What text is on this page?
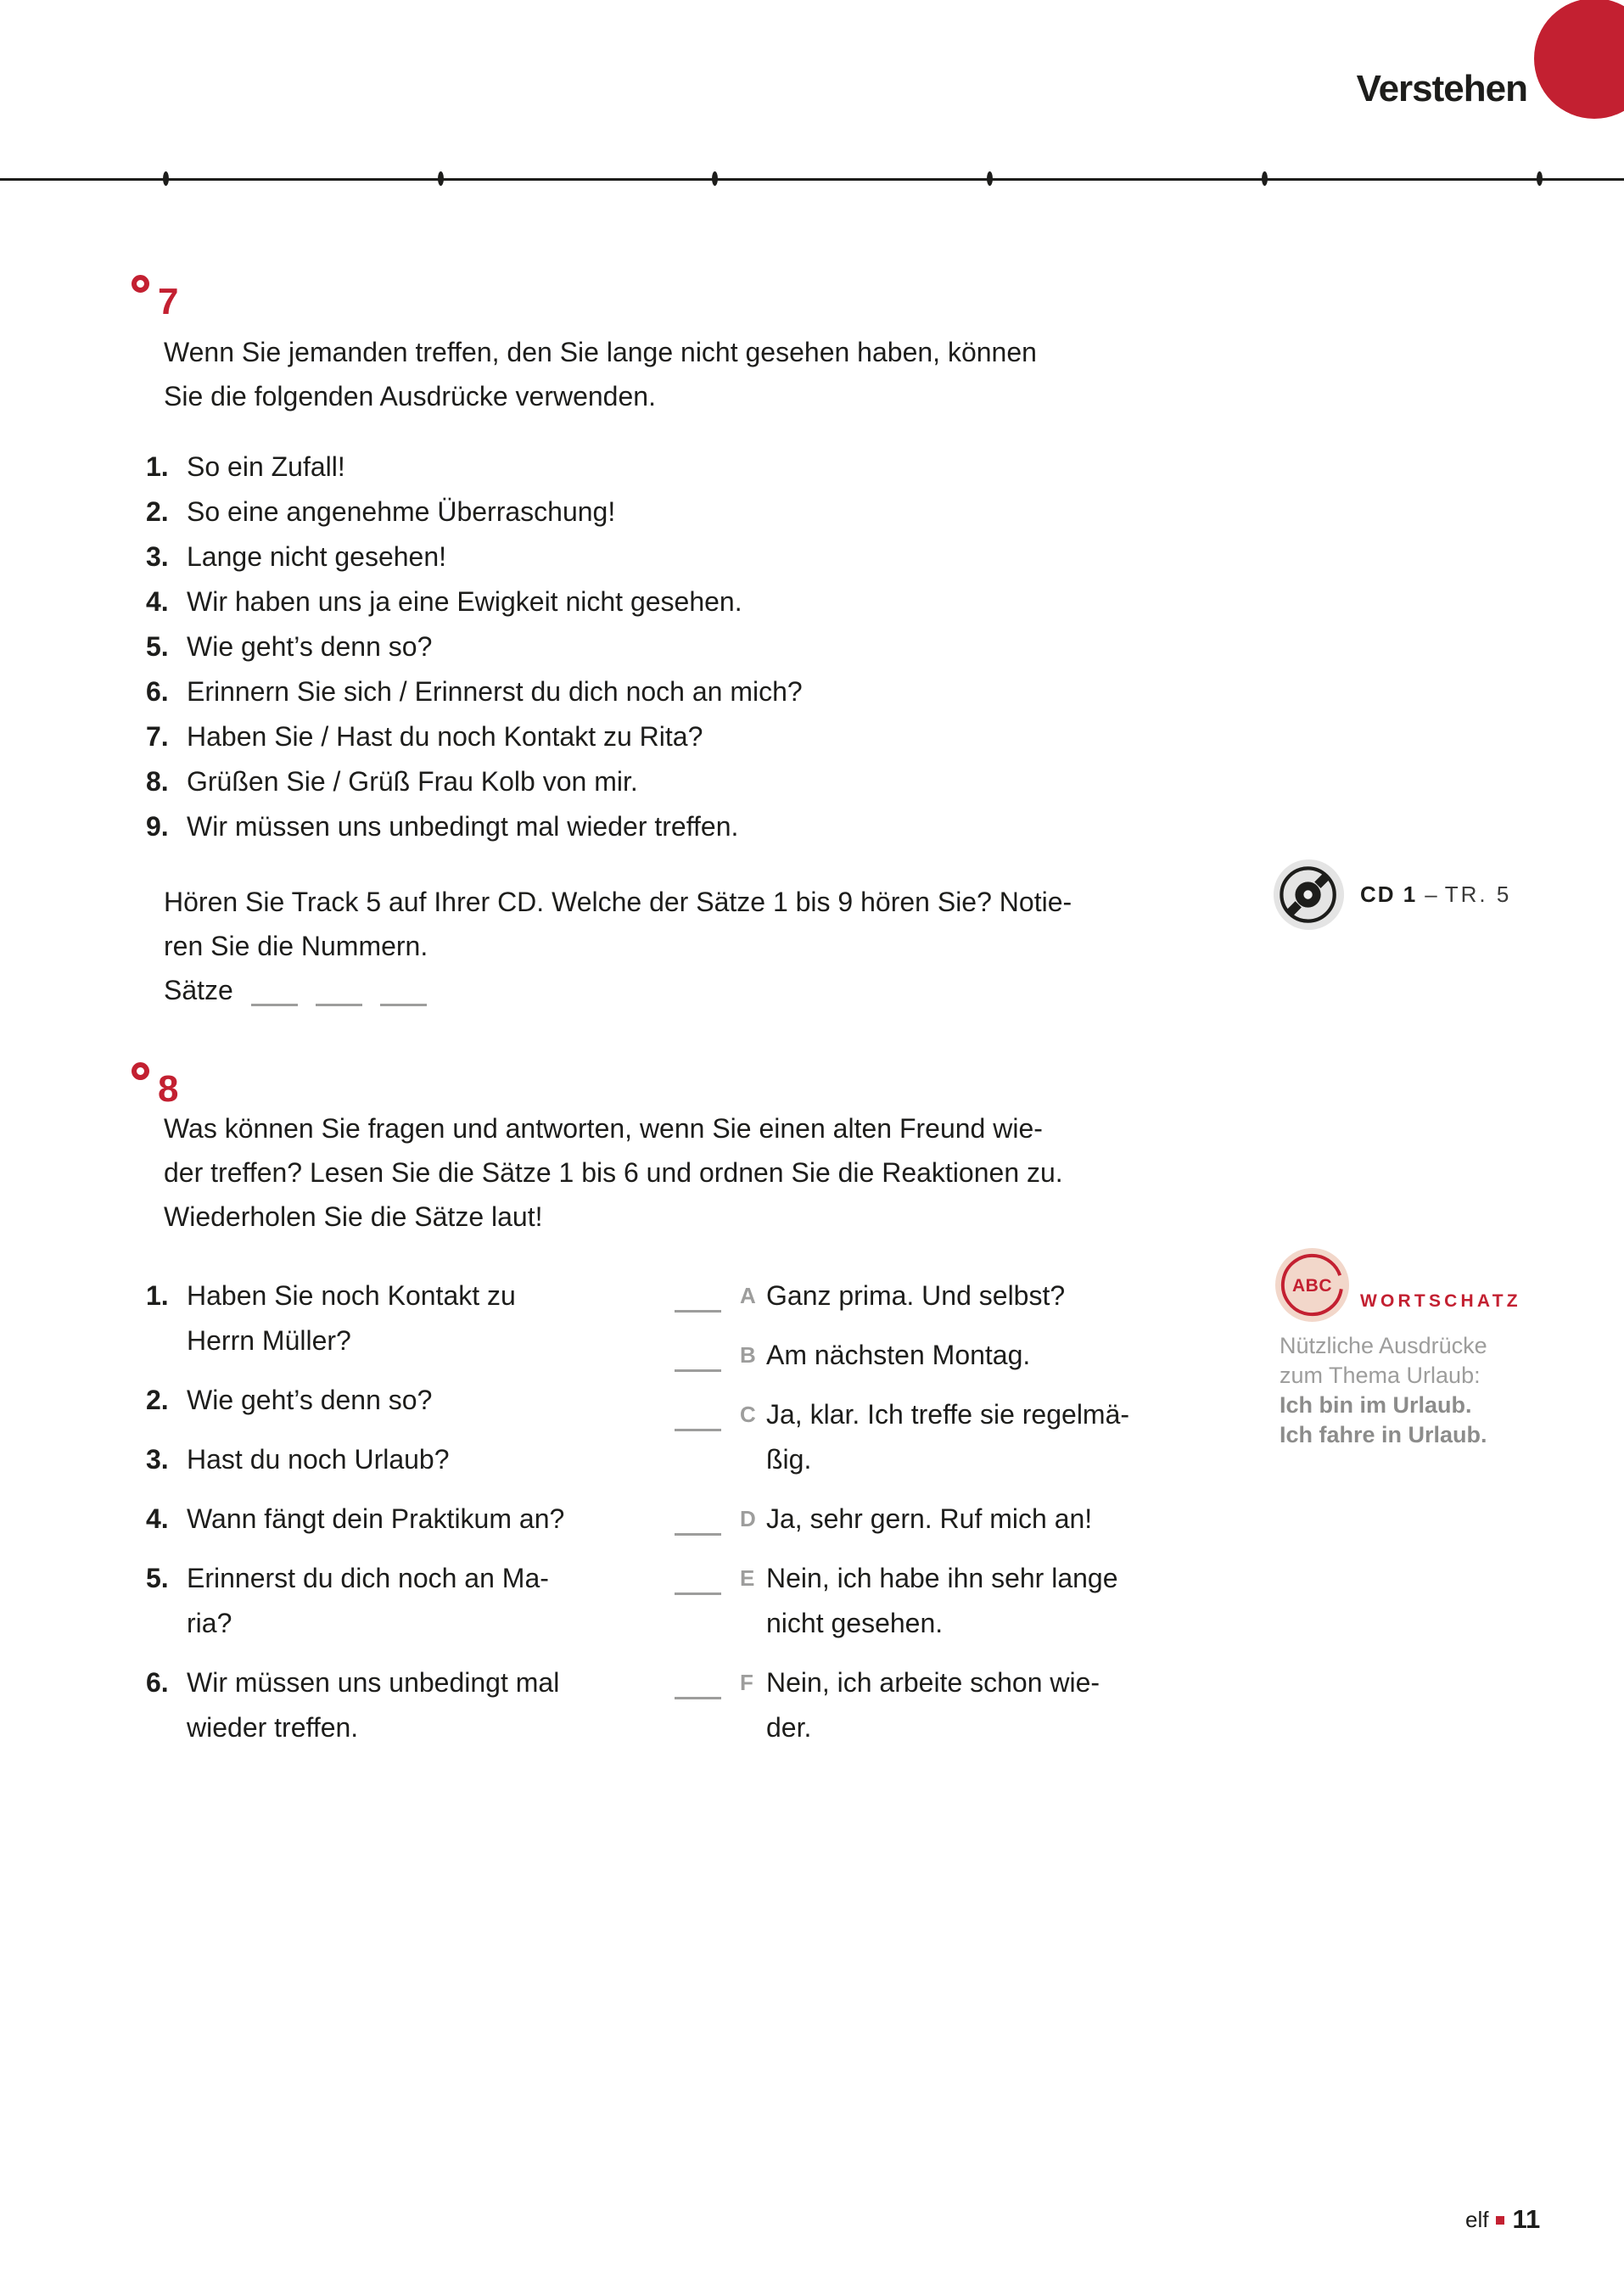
Verstehen
7
Wenn Sie jemanden treffen, den Sie lange nicht gesehen haben, können
Sie die folgenden Ausdrücke verwenden.
1. So ein Zufall!
2. So eine angenehme Überraschung!
3. Lange nicht gesehen!
4. Wir haben uns ja eine Ewigkeit nicht gesehen.
5. Wie geht’s denn so?
6. Erinnern Sie sich / Erinnerst du dich noch an mich?
7. Haben Sie / Hast du noch Kontakt zu Rita?
8. Grüßen Sie / Grüß Frau Kolb von mir.
9. Wir müssen uns unbedingt mal wieder treffen.
Hören Sie Track 5 auf Ihrer CD. Welche der Sätze 1 bis 9 hören Sie? Notie-
ren Sie die Nummern.
Sätze
CD 1 – TR. 5
8
Was können Sie fragen und antworten, wenn Sie einen alten Freund wie-
der treffen? Lesen Sie die Sätze 1 bis 6 und ordnen Sie die Reaktionen zu.
Wiederholen Sie die Sätze laut!
1. Haben Sie noch Kontakt zu
Herrn Müller?
2. Wie geht’s denn so?
3. Hast du noch Urlaub?
4. Wann fängt dein Praktikum an?
5. Erinnerst du dich noch an Ma-
ria?
6. Wir müssen uns unbedingt mal
wieder treffen.
A Ganz prima. Und selbst?
B Am nächsten Montag.
C Ja, klar. Ich treffe sie regelmä-
ßig.
D Ja, sehr gern. Ruf mich an!
E Nein, ich habe ihn sehr lange
nicht gesehen.
F Nein, ich arbeite schon wie-
der.
ABC
WORTSCHATZ
Nützliche Ausdrücke
zum Thema Urlaub:
Ich bin im Urlaub.
Ich fahre in Urlaub.
elf 11
